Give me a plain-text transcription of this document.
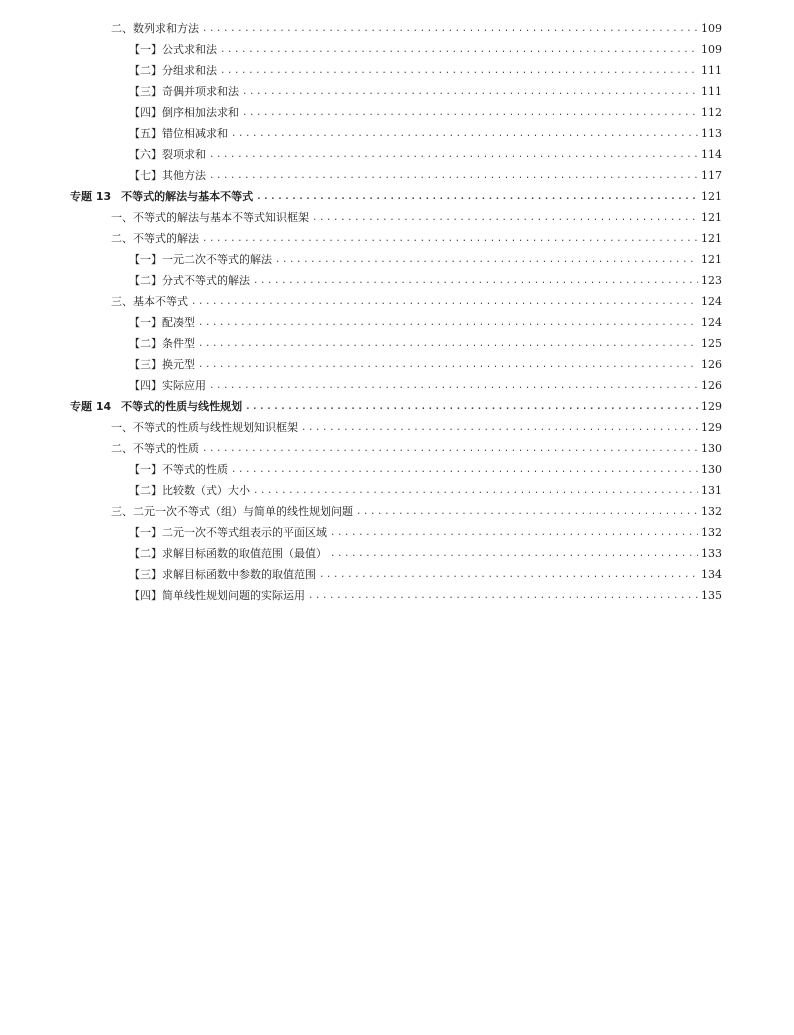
二、数列求和方法 .....	109
【一】公式求和法 .....	109
【二】分组求和法 .....	111
【三】奇偶并项求和法 .....	111
【四】倒序相加法求和 .....	112
【五】错位相减求和 .....	113
【六】裂项求和 .....	114
【七】其他方法 .....	117
专题 13 不等式的解法与基本不等式 .....	121
一、不等式的解法与基本不等式知识框架 .....	121
二、不等式的解法 .....	121
【一】一元二次不等式的解法 .....	121
【二】分式不等式的解法 .....	123
三、基本不等式 .....	124
【一】配凑型 .....	124
【二】条件型 .....	125
【三】换元型 .....	126
【四】实际应用 .....	126
专题 14 不等式的性质与线性规划 .....	129
一、不等式的性质与线性规划知识框架 .....	129
二、不等式的性质 .....	130
【一】不等式的性质 .....	130
【二】比较数（式）大小 .....	131
三、二元一次不等式（组）与简单的线性规划问题 .....	132
【一】二元一次不等式组表示的平面区域 .....	132
【二】求解目标函数的取值范围（最值） .....	133
【三】求解目标函数中参数的取值范围 .....	134
【四】简单线性规划问题的实际运用 .....	135
